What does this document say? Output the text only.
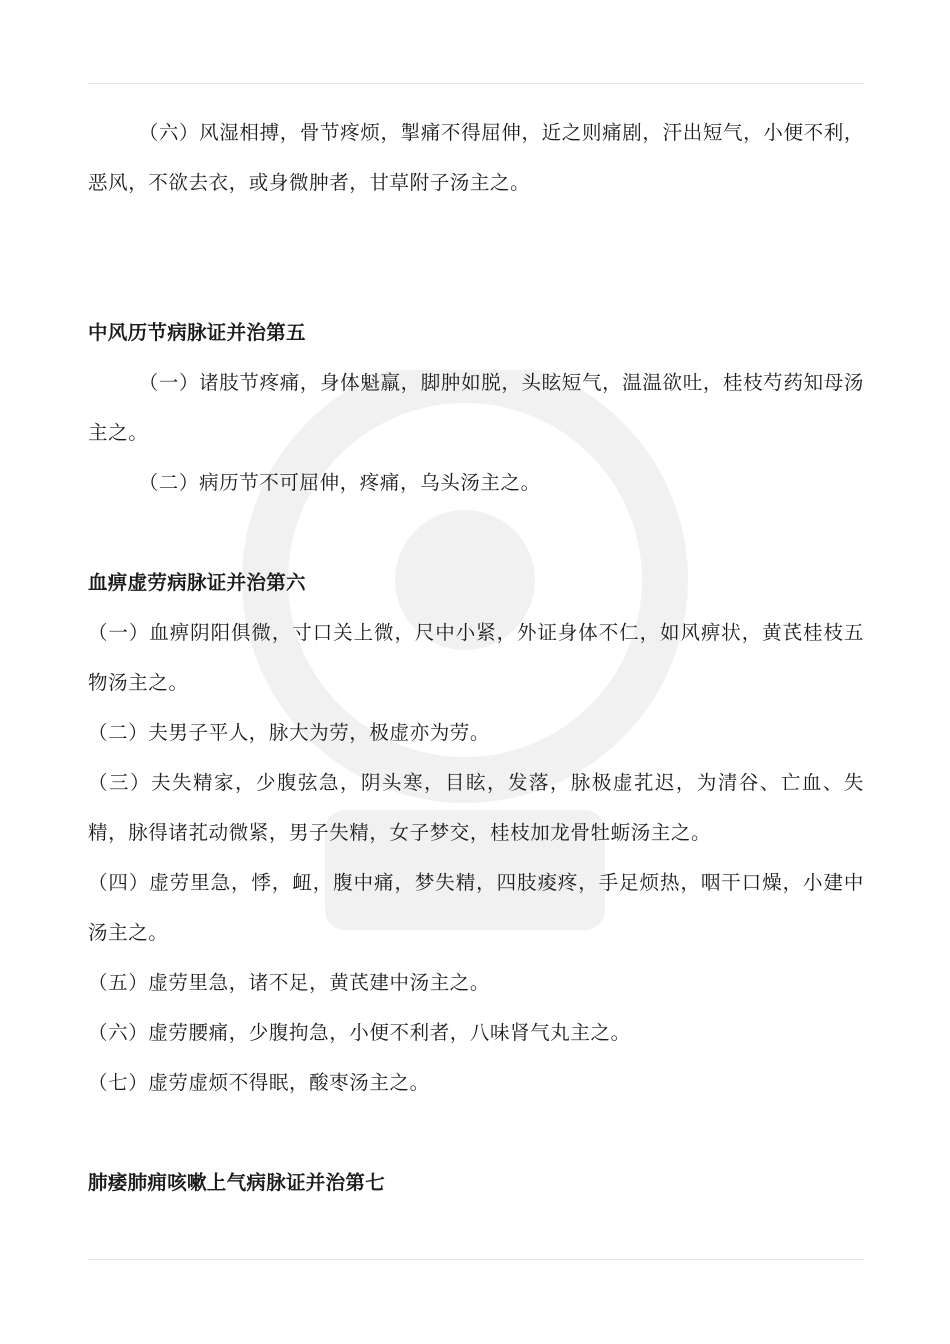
（六）风湿相搏，骨节疼烦，掣痛不得屈伸，近之则痛剧，汗出短气，小便不利，恶风，不欲去衣，或身微肿者，甘草附子汤主之。

中风历节病脉证并治第五

（一）诸肢节疼痛，身体魁羸，脚肿如脱，头眩短气，温温欲吐，桂枝芍药知母汤主之。

（二）病历节不可屈伸，疼痛，乌头汤主之。

血痹虚劳病脉证并治第六

（一）血痹阴阳俱微，寸口关上微，尺中小紧，外证身体不仁，如风痹状，黄芪桂枝五物汤主之。

（二）夫男子平人，脉大为劳，极虚亦为劳。

（三）夫失精家，少腹弦急，阴头寒，目眩，发落，脉极虚芤迟，为清谷、亡血、失精，脉得诸芤动微紧，男子失精，女子梦交，桂枝加龙骨牡蛎汤主之。

（四）虚劳里急，悸，衄，腹中痛，梦失精，四肢痠疼，手足烦热，咽干口燥，小建中汤主之。

（五）虚劳里急，诸不足，黄芪建中汤主之。

（六）虚劳腰痛，少腹拘急，小便不利者，八味肾气丸主之。

（七）虚劳虚烦不得眠，酸枣汤主之。

肺痿肺痈咳嗽上气病脉证并治第七
